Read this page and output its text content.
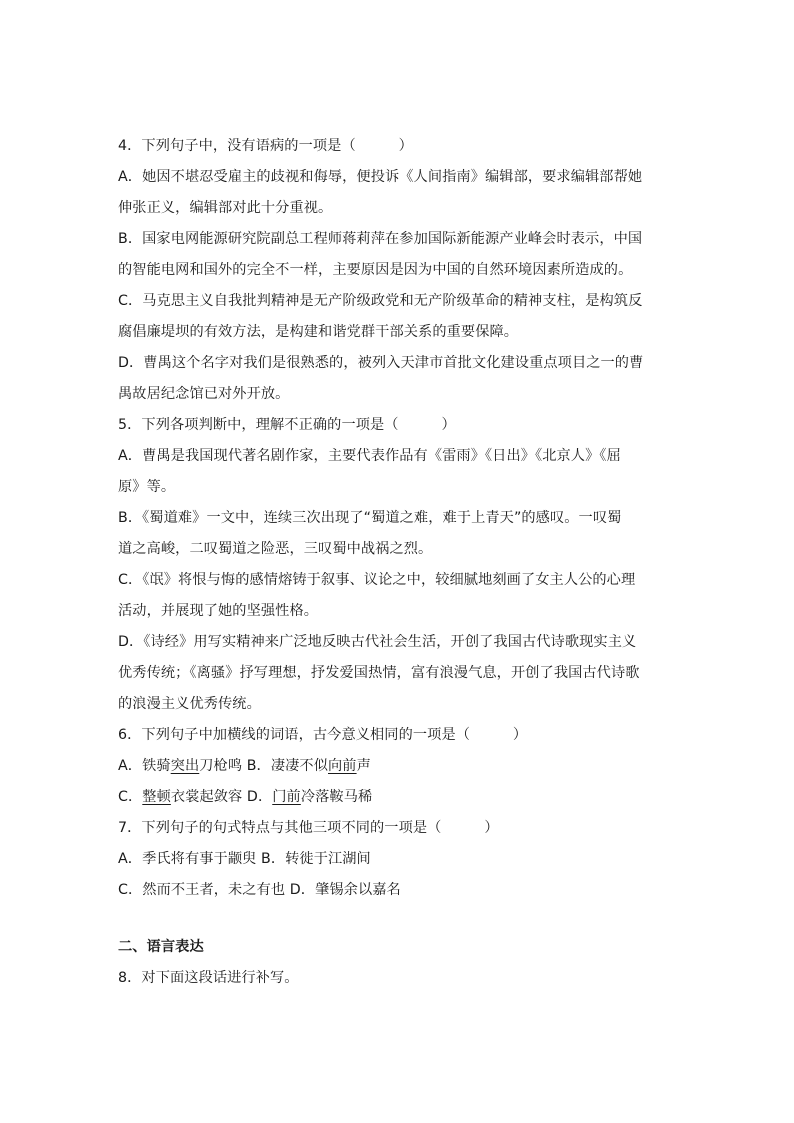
4．下列句子中，没有语病的一项是（　　　）
A．她因不堪忍受雇主的歧视和侮辱，便投诉《人间指南》编辑部，要求编辑部帮她
伸张正义，编辑部对此十分重视。
B．国家电网能源研究院副总工程师蒋莉萍在参加国际新能源产业峰会时表示，中国
的智能电网和国外的完全不一样，主要原因是因为中国的自然环境因素所造成的。
C．马克思主义自我批判精神是无产阶级政党和无产阶级革命的精神支柱，是构筑反
腐倡廉堤坝的有效方法，是构建和谐党群干部关系的重要保障。
D．曹禺这个名字对我们是很熟悉的，被列入天津市首批文化建设重点项目之一的曹
禺故居纪念馆已对外开放。
5．下列各项判断中，理解不正确的一项是（　　　）
A．曹禺是我国现代著名剧作家，主要代表作品有《雷雨》《日出》《北京人》《屈
原》等。
B．《蜀道难》一文中，连续三次出现了“蜀道之难，难于上青天”的感叹。一叹蜀
道之高峻，二叹蜀道之险恶，三叹蜀中战祸之烈。
C．《氓》将恨与悔的感情熔铸于叙事、议论之中，较细腻地刻画了女主人公的心理
活动，并展现了她的坚强性格。
D．《诗经》用写实精神来广泛地反映古代社会生活，开创了我国古代诗歌现实主义
优秀传统；《离骚》抒写理想，抒发爱国热情，富有浪漫气息，开创了我国古代诗歌
的浪漫主义优秀传统。
6．下列句子中加横线的词语，古今意义相同的一项是（　　　）
A．铁骑突出刀枪鸣 B．凄凄不似向前声
C．整顿衣裳起敛容 D．门前冷落鞍马稀
7．下列句子的句式特点与其他三项不同的一项是（　　　）
A．季氏将有事于颛臾 B．转徙于江湖间
C．然而不王者，未之有也 D．肇锡余以嘉名
二、语言表达
8．对下面这段话进行补写。
